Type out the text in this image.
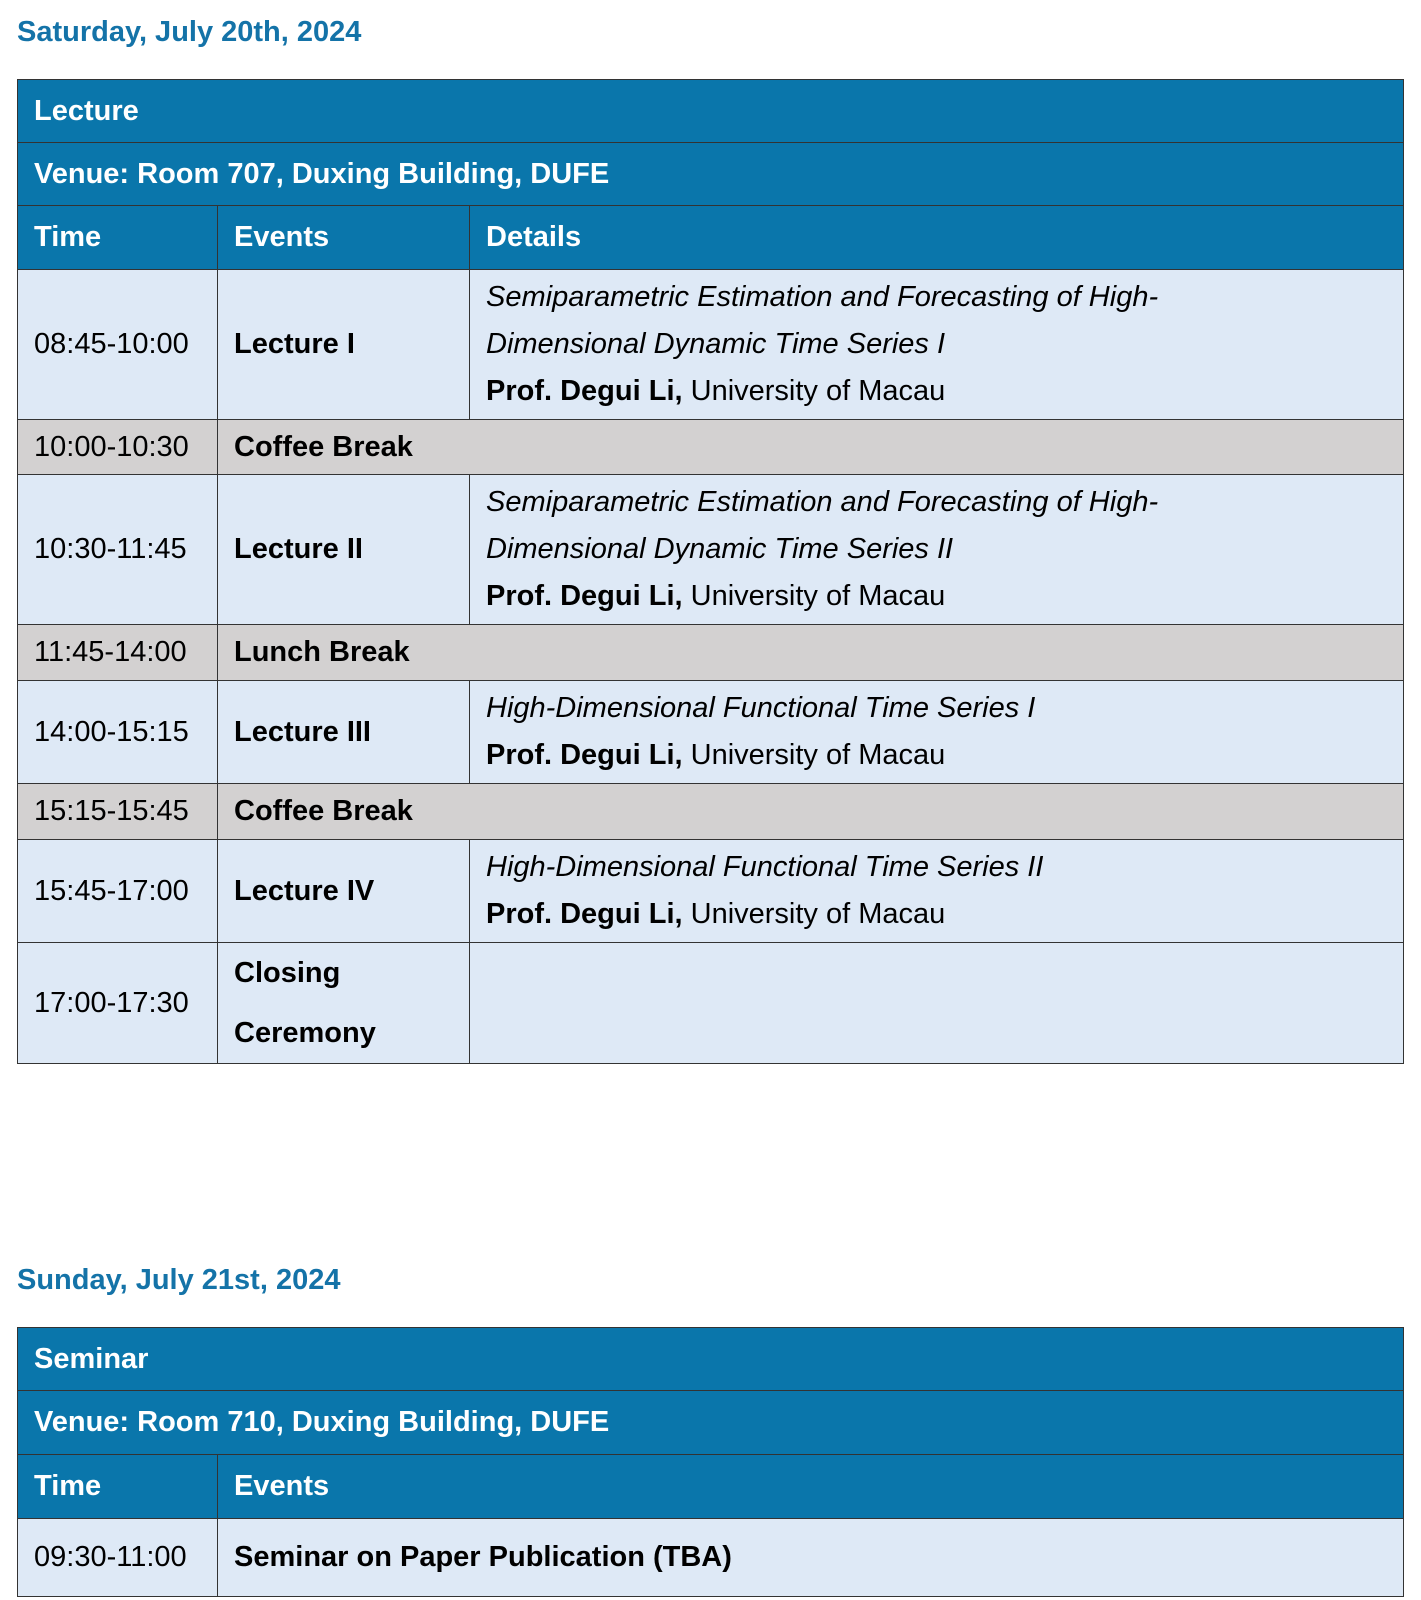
Saturday, July 20th, 2024
Lecture		
Venue: Room 707, Duxing Building, DUFE		
Time	Events	Details
08:45-10:00	Lecture I	Semiparametric Estimation and Forecasting of High-Dimensional Dynamic Time Series I
Prof. Degui Li, University of Macau

10:00-10:30	Coffee Break	
10:30-11:45	Lecture II	Semiparametric Estimation and Forecasting of High-Dimensional Dynamic Time Series II
Prof. Degui Li, University of Macau

11:45-14:00	Lunch Break	
14:00-15:15	Lecture III	High-Dimensional Functional Time Series I
Prof. Degui Li, University of Macau

15:15-15:45	Coffee Break	
15:45-17:00	Lecture IV	High-Dimensional Functional Time Series II
Prof. Degui Li, University of Macau

17:00-17:30	Closing Ceremony	
Sunday, July 21st, 2024
Seminar	
Venue: Room 710, Duxing Building, DUFE	
Time	Events
09:30-11:00	Seminar on Paper Publication (TBA)
